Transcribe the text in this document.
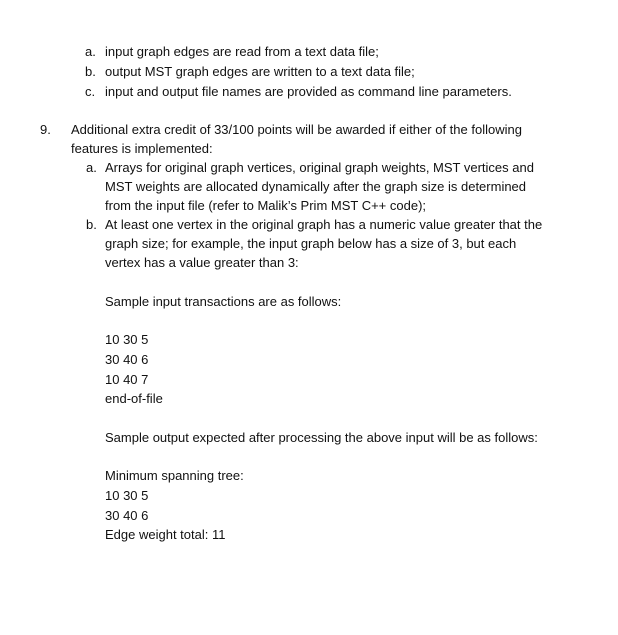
a. input graph edges are read from a text data file;
b. output MST graph edges are written to a text data file;
c. input and output file names are provided as command line parameters.
9. Additional extra credit of 33/100 points will be awarded if either of the following
features is implemented:
a. Arrays for original graph vertices, original graph weights, MST vertices and
MST weights are allocated dynamically after the graph size is determined
from the input file (refer to Malik’s Prim MST C++ code);
b. At least one vertex in the original graph has a numeric value greater that the
graph size; for example, the input graph below has a size of 3, but each
vertex has a value greater than 3:
Sample input transactions are as follows:
10 30 5
30 40 6
10 40 7
end-of-file
Sample output expected after processing the above input will be as follows:
Minimum spanning tree:
10 30 5
30 40 6
Edge weight total: 11
